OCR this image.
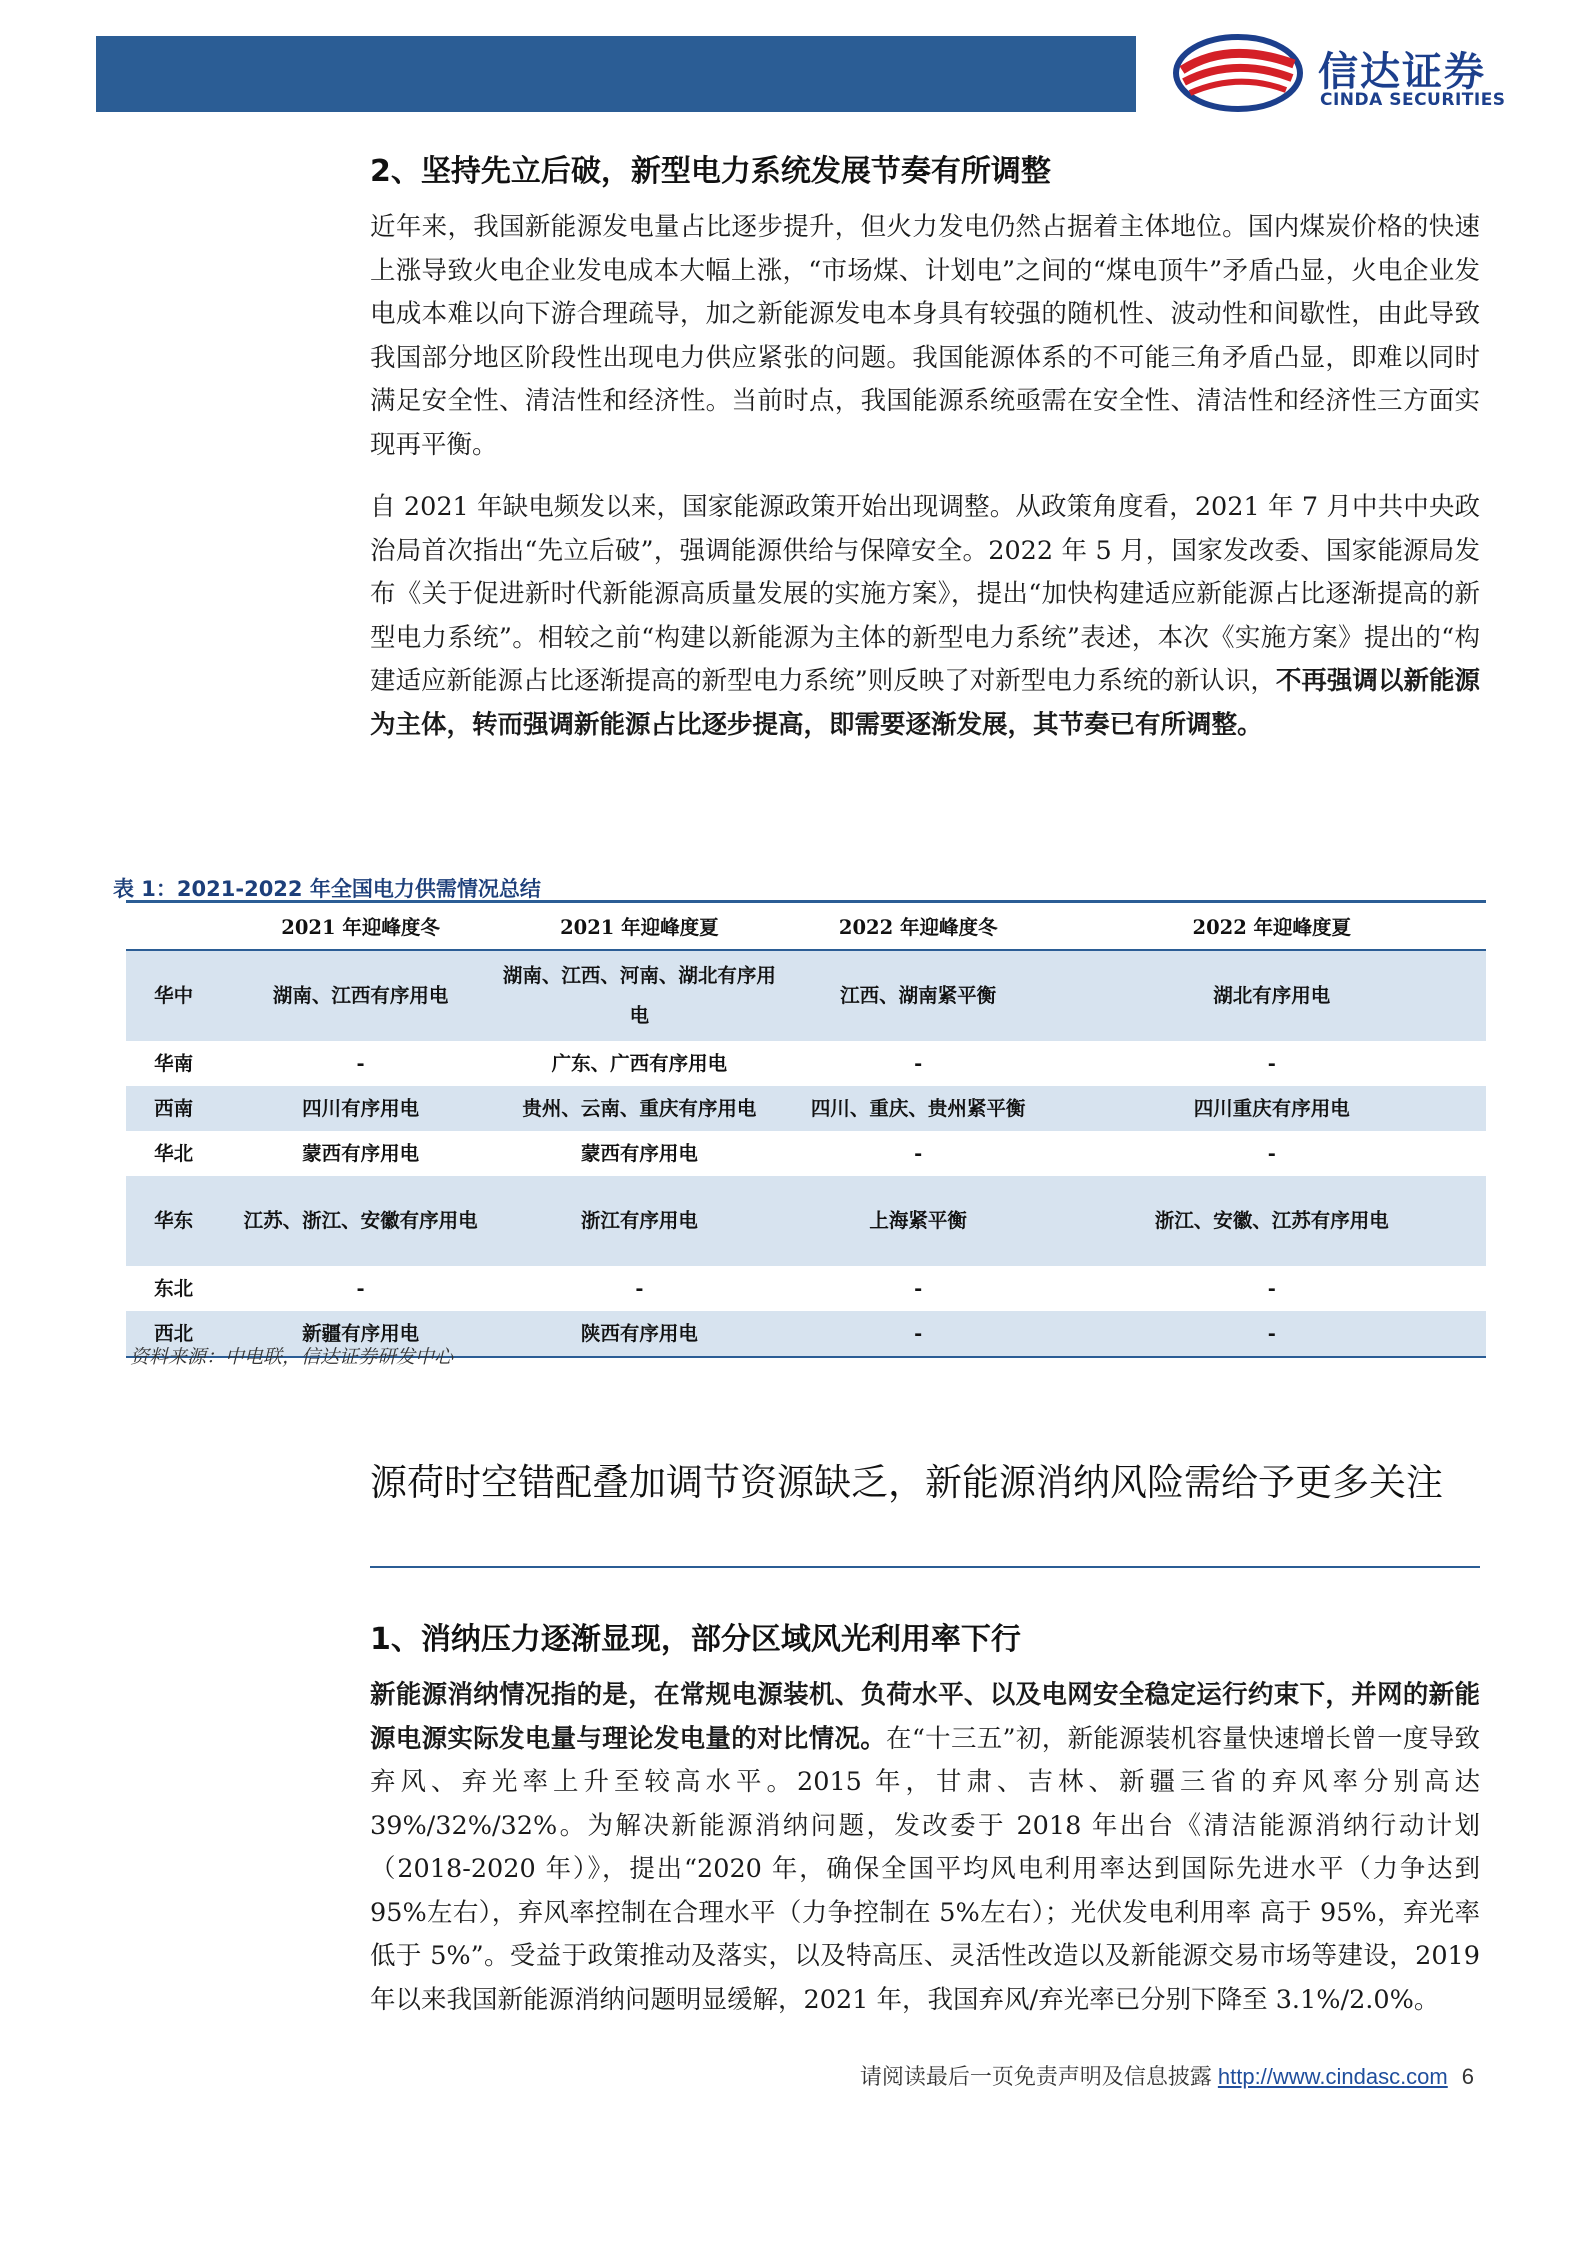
信达证券
CINDA SECURITIES
2、坚持先立后破，新型电力系统发展节奏有所调整

近年来，我国新能源发电量占比逐步提升，但火力发电仍然占据着主体地位。国内煤炭价格的快速上涨导致火电企业发电成本大幅上涨，“市场煤、计划电”之间的“煤电顶牛”矛盾凸显，火电企业发电成本难以向下游合理疏导，加之新能源发电本身具有较强的随机性、波动性和间歇性，由此导致我国部分地区阶段性出现电力供应紧张的问题。我国能源体系的不可能三角矛盾凸显，即难以同时满足安全性、清洁性和经济性。当前时点，我国能源系统亟需在安全性、清洁性和经济性三方面实现再平衡。

自 2021 年缺电频发以来，国家能源政策开始出现调整。从政策角度看，2021 年 7 月中共中央政治局首次指出“先立后破”，强调能源供给与保障安全。2022 年 5 月，国家发改委、国家能源局发布《关于促进新时代新能源高质量发展的实施方案》，提出“加快构建适应新能源占比逐渐提高的新型电力系统”。相较之前“构建以新能源为主体的新型电力系统”表述，本次《实施方案》提出的“构建适应新能源占比逐渐提高的新型电力系统”则反映了对新型电力系统的新认识，不再强调以新能源为主体，转而强调新能源占比逐步提高，即需要逐渐发展，其节奏已有所调整。

表 1：2021-2022 年全国电力供需情况总结
	2021 年迎峰度冬	2021 年迎峰度夏	2022 年迎峰度冬	2022 年迎峰度夏
华中	湖南、江西有序用电	湖南、江西、河南、湖北有序用电	江西、湖南紧平衡	湖北有序用电
华南	-	广东、广西有序用电	-	-
西南	四川有序用电	贵州、云南、重庆有序用电	四川、重庆、贵州紧平衡	四川重庆有序用电
华北	蒙西有序用电	蒙西有序用电	-	-
华东	江苏、浙江、安徽有序用电	浙江有序用电	上海紧平衡	浙江、安徽、江苏有序用电
东北	-	-	-	-
西北	新疆有序用电	陕西有序用电	-	-
资料来源：中电联，信达证券研发中心
源荷时空错配叠加调节资源缺乏，新能源消纳风险需给予更多关注
1、消纳压力逐渐显现，部分区域风光利用率下行

新能源消纳情况指的是，在常规电源装机、负荷水平、以及电网安全稳定运行约束下，并网的新能源电源实际发电量与理论发电量的对比情况。在“十三五”初，新能源装机容量快速增长曾一度导致弃风、弃光率上升至较高水平。2015 年，甘肃、吉林、新疆三省的弃风率分别高达 39%/32%/32%。为解决新能源消纳问题，发改委于 2018 年出台《清洁能源消纳行动计划（2018-2020 年）》，提出“2020 年，确保全国平均风电利用率达到国际先进水平（力争达到 95%左右），弃风率控制在合理水平（力争控制在 5%左右）；光伏发电利用率 高于 95%，弃光率低于 5%”。受益于政策推动及落实，以及特高压、灵活性改造以及新能源交易市场等建设，2019 年以来我国新能源消纳问题明显缓解，2021 年，我国弃风/弃光率已分别下降至 3.1%/2.0%。

请阅读最后一页免责声明及信息披露 http://www.cindasc.com 6
